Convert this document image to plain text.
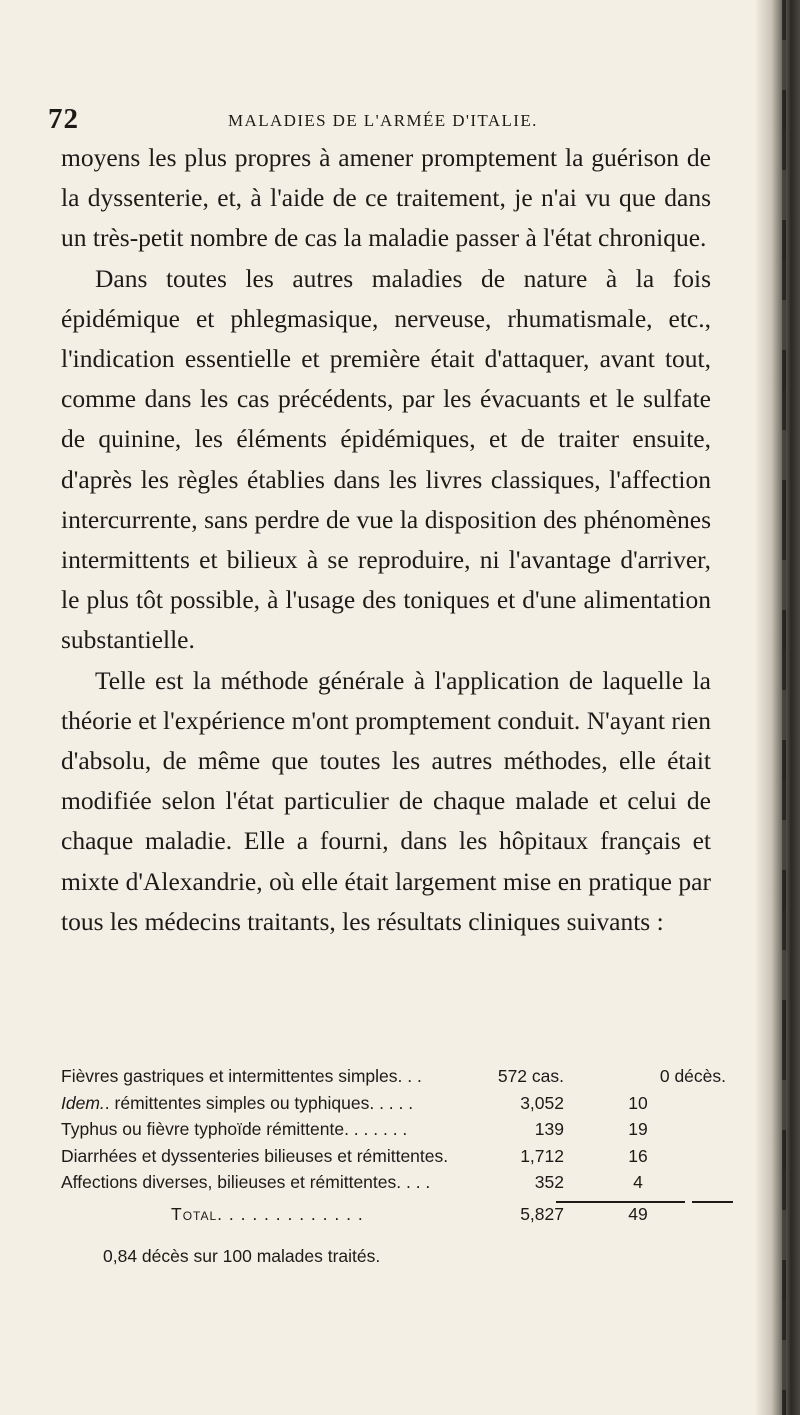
72	MALADIES DE L'ARMÉE D'ITALIE.

moyens les plus propres à amener promptement la guérison de la dyssenterie, et, à l'aide de ce traitement, je n'ai vu que dans un très-petit nombre de cas la maladie passer à l'état chronique.

Dans toutes les autres maladies de nature à la fois épidémique et phlegmasique, nerveuse, rhumatismale, etc., l'indication essentielle et première était d'attaquer, avant tout, comme dans les cas précédents, par les évacuants et le sulfate de quinine, les éléments épidémiques, et de traiter ensuite, d'après les règles établies dans les livres classiques, l'affection intercurrente, sans perdre de vue la disposition des phénomènes intermittents et bilieux à se reproduire, ni l'avantage d'arriver, le plus tôt possible, à l'usage des toniques et d'une alimentation substantielle.

Telle est la méthode générale à l'application de laquelle la théorie et l'expérience m'ont promptement conduit. N'ayant rien d'absolu, de même que toutes les autres méthodes, elle était modifiée selon l'état particulier de chaque malade et celui de chaque maladie. Elle a fourni, dans les hôpitaux français et mixte d'Alexandrie, où elle était largement mise en pratique par tous les médecins traitants, les résultats cliniques suivants :

Fièvres gastriques et intermittentes simples. . .	572 cas.	0 décès.
Idem.. rémittentes simples ou typhiques. . . . .	3,052	10
Typhus ou fièvre typhoïde rémittente. . . . . . .	139	19
Diarrhées et dyssenteries bilieuses et rémittentes.	1,712	16
Affections diverses, bilieuses et rémittentes. . . .	352	4
Total. . . . . . . . . . . . .	5,827	49
0,84 décès sur 100 malades traités.
